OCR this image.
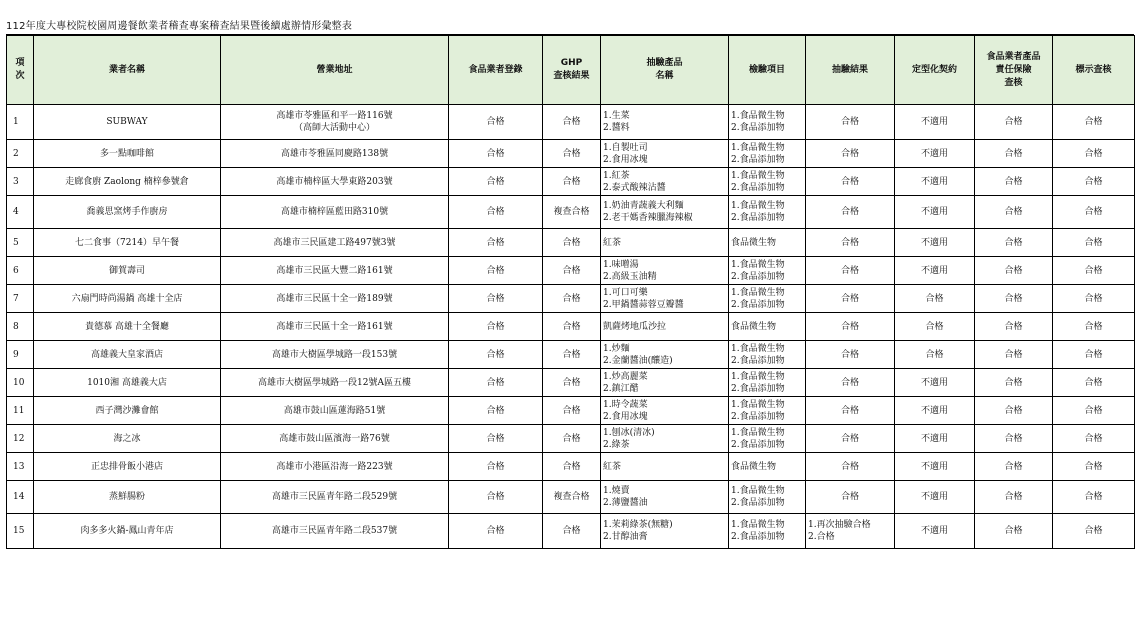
112年度大專校院校園周邊餐飲業者稽查專案稽查結果暨後續處辦情形彙整表
項
次	業者名稱	營業地址	食品業者登錄	GHP
查核結果	抽驗產品
名稱	檢驗項目	抽驗結果	定型化契約	食品業者產品
責任保險
查核	標示查核
1	SUBWAY	高雄市苓雅區和平一路116號
（高師大活動中心）	合格	合格	1.生菜
2.醬料	1.食品微生物
2.食品添加物	合格	不適用	合格	合格
2	多一點咖啡館	高雄市苓雅區同慶路138號	合格	合格	1.自製吐司
2.食用冰塊	1.食品微生物
2.食品添加物	合格	不適用	合格	合格
3	走廊食廚 Zaolong 楠梓參號倉	高雄市楠梓區大學東路203號	合格	合格	1.紅茶
2.泰式酸辣沾醬	1.食品微生物
2.食品添加物	合格	不適用	合格	合格
4	喬義思窯烤手作廚房	高雄市楠梓區藍田路310號	合格	複查合格	1.奶油青蔬義大利麵
2.老干媽香辣臘海辣椒	1.食品微生物
2.食品添加物	合格	不適用	合格	合格
5	七二食事（7214）早午餐	高雄市三民區建工路497號3號	合格	合格	紅茶	食品微生物	合格	不適用	合格	合格
6	御賀壽司	高雄市三民區大豐二路161號	合格	合格	1.味噌湯
2.高級玉油精	1.食品微生物
2.食品添加物	合格	不適用	合格	合格
7	六扇門時尚湯鍋 高雄十全店	高雄市三民區十全一路189號	合格	合格	1.可口可樂
2.甲鍋醬蒜蓉豆瓣醬	1.食品微生物
2.食品添加物	合格	合格	合格	合格
8	貴德慕 高雄十全餐廳	高雄市三民區十全一路161號	合格	合格	凱薩烤地瓜沙拉	食品微生物	合格	合格	合格	合格
9	高雄義大皇家酒店	高雄市大樹區學城路一段153號	合格	合格	1.炒麵
2.金蘭醬油(釀造)	1.食品微生物
2.食品添加物	合格	合格	合格	合格
10	1010湘 高雄義大店	高雄市大樹區學城路一段12號A區五樓	合格	合格	1.炒高麗菜
2.鎮江醋	1.食品微生物
2.食品添加物	合格	不適用	合格	合格
11	西子灣沙灘會館	高雄市鼓山區蓮海路51號	合格	合格	1.時令蔬菜
2.食用冰塊	1.食品微生物
2.食品添加物	合格	不適用	合格	合格
12	海之冰	高雄市鼓山區濱海一路76號	合格	合格	1.刨冰(清冰)
2.綠茶	1.食品微生物
2.食品添加物	合格	不適用	合格	合格
13	正忠排骨飯小港店	高雄市小港區沿海一路223號	合格	合格	紅茶	食品微生物	合格	不適用	合格	合格
14	蒸鮮腸粉	高雄市三民區青年路二段529號	合格	複查合格	1.燒賣
2.薄鹽醬油	1.食品微生物
2.食品添加物	合格	不適用	合格	合格
15	肉多多火鍋-鳳山青年店	高雄市三民區青年路二段537號	合格	合格	1.茉莉綠茶(無糖)
2.甘醇油膏	1.食品微生物
2.食品添加物	1.再次抽驗合格
2.合格	不適用	合格	合格
